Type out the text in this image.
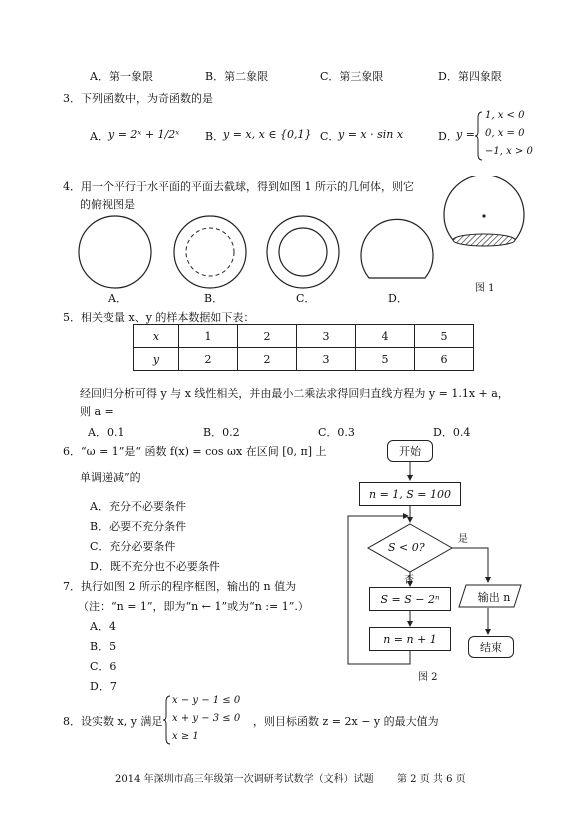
A．第一象限	B．第二象限	C．第三象限	D．第四象限
3．下列函数中，为奇函数的是
A． y = 2ˣ + 1/2ˣ B．
y = x, x ∈ {0,1} C．
y = x · sin x	D．
y =
1, x < 0
0, x = 0
−1, x > 0
4．用一个平行于水平面的平面去截球，得到如图 1 所示的几何体，则它
的俯视图是
A．	B．	C．	D．
图 1
5．相关变量 x、y 的样本数据如下表：
x	1	2	3	4	5
y	2	2	3	5	6
经回归分析可得 y 与 x 线性相关，并由最小二乘法求得回归直线方程为 y = 1.1x + a，
则 a =
A．0.1	B．0.2	C．0.3	D．0.4
6．“ω = 1”是“ 函数 f(x) = cos ωx 在区间 [0, π] 上
单调递减”的
A．充分不必要条件
B．必要不充分条件
C．充分必要条件
D．既不充分也不必要条件
7．执行如图 2 所示的程序框图，输出的 n 值为
（注：“n = 1”，即为“n ← 1”或为“n := 1”.）
A．4
B．5
C．6
D．7
开始
n = 1, S = 100
S < 0?
是
否
S = S − 2ⁿ
n = n + 1
输出 n
结束
图 2
8．设实数 x, y 满足
x − y − 1 ≤ 0
x + y − 3 ≤ 0
x ≥ 1
，则目标函数 z = 2x − y 的最大值为
2014 年深圳市高三年级第一次调研考试数学（文科）试题 第 2 页 共 6 页
